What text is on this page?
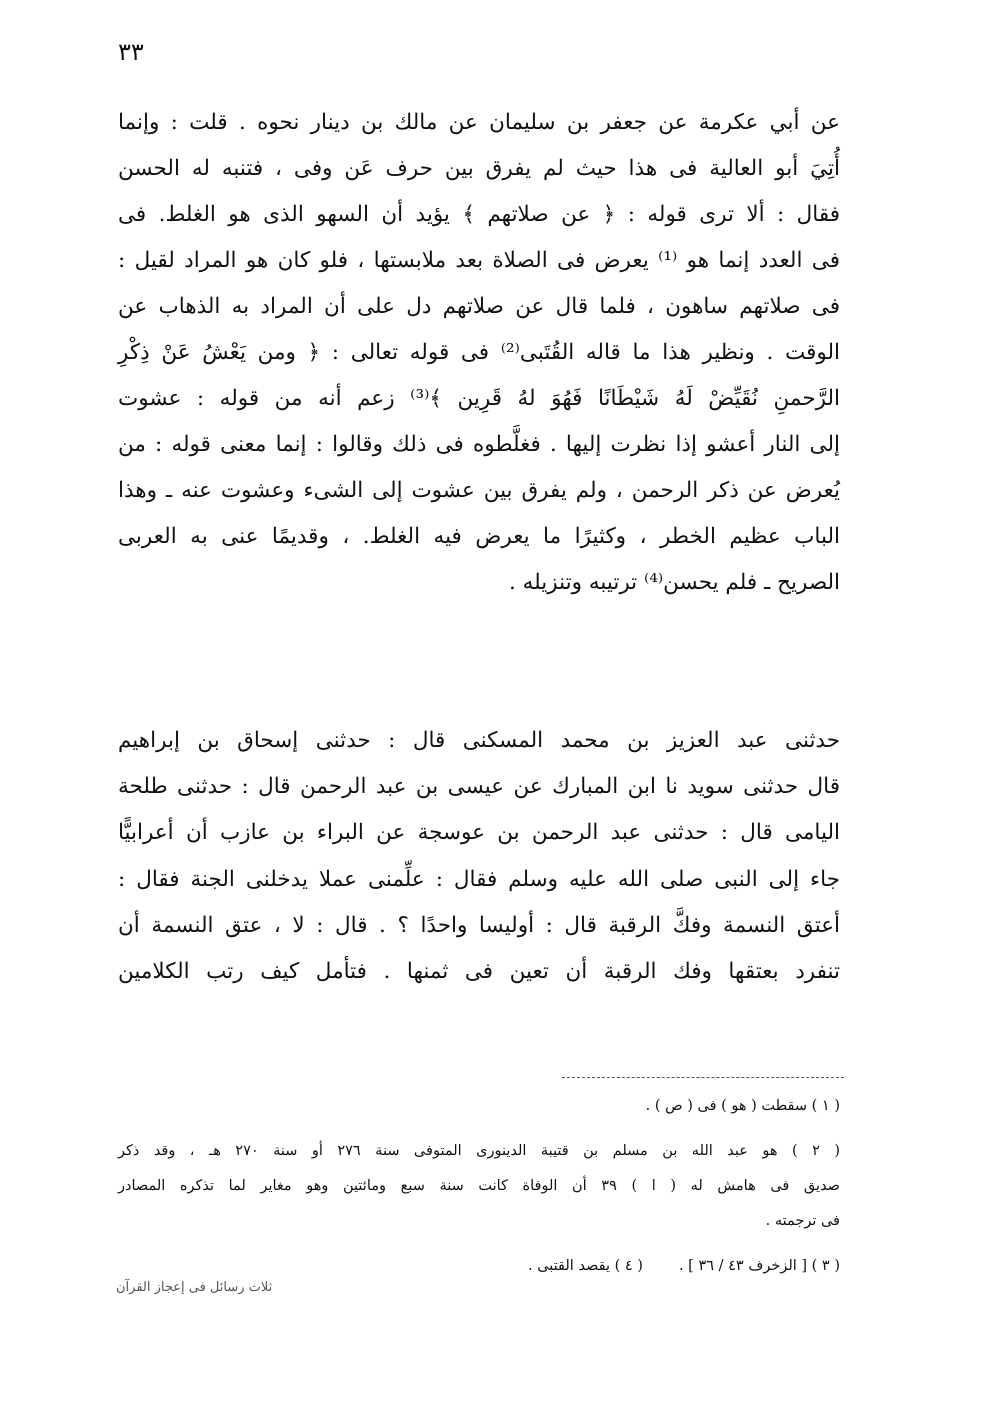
٣٣
عن أبي عكرمة عن جعفر بن سليمان عن مالك بن دينار نحوه . قلت : وإنما
أُتِيَ أبو العالية فى هذا حيث لم يفرق بين حرف عَن وفى ، فتنبه له الحسن
فقال : ألا ترى قوله : ﴿ عن صلاتهم ﴾ يؤيد أن السهو الذى هو الغلط. فى
فى العدد إنما هو ⁽¹⁾ يعرض فى الصلاة بعد ملابستها ، فلو كان هو المراد لقيل :
فى صلاتهم ساهون ، فلما قال عن صلاتهم دل على أن المراد به الذهاب عن
الوقت . ونظير هذا ما قاله القُتَبى⁽²⁾ فى قوله تعالى : ﴿ ومن يَعْشُ عَنْ ذِكْرِ
الرَّحمنِ نُقَيِّضْ لَهُ شَيْطَانًا فَهُوَ لهُ قَرِين ﴾⁽³⁾ زعم أنه من قوله : عشوت
إلى النار أعشو إذا نظرت إليها . فغلَّطوه فى ذلك وقالوا : إنما معنى قوله : من
يُعرض عن ذكر الرحمن ، ولم يفرق بين عشوت إلى الشىء وعشوت عنه ـ وهذا
الباب عظيم الخطر ، وكثيرًا ما يعرض فيه الغلط. ، وقديمًا عنى به العربى
الصريح ـ فلم يحسن⁽⁴⁾ ترتيبه وتنزيله .
حدثنى عبد العزيز بن محمد المسكنى قال : حدثنى إسحاق بن إبراهيم
قال حدثنى سويد نا ابن المبارك عن عيسى بن عبد الرحمن قال : حدثنى طلحة
اليامى قال : حدثنى عبد الرحمن بن عوسجة عن البراء بن عازب أن أعرابيًّا
جاء إلى النبى صلى الله عليه وسلم فقال : علِّمنى عملا يدخلنى الجنة فقال :
أعتق النسمة وفكَّ الرقبة قال : أوليسا واحدًا ؟ . قال : لا ، عتق النسمة أن
تنفرد بعتقها وفك الرقبة أن تعين فى ثمنها . فتأمل كيف رتب الكلامين
( ١ ) سقطت ( هو ) فى ( ص ) .
( ٢ ) هو عبد الله بن مسلم بن قتيبة الدينورى المتوفى سنة ٢٧٦ أو سنة ٢٧٠ هـ ، وقد ذكر
صديق فى هامش له ( ا ) ٣٩ أن الوفاة كانت سنة سبع ومائتين وهو مغاير لما تذكره المصادر
فى ترجمته .
( ٣ ) [ الزخرف ٤٣ / ٣٦ ] .( ٤ ) يقصد القتبى .
ثلاث رسائل فى إعجاز القرآن
